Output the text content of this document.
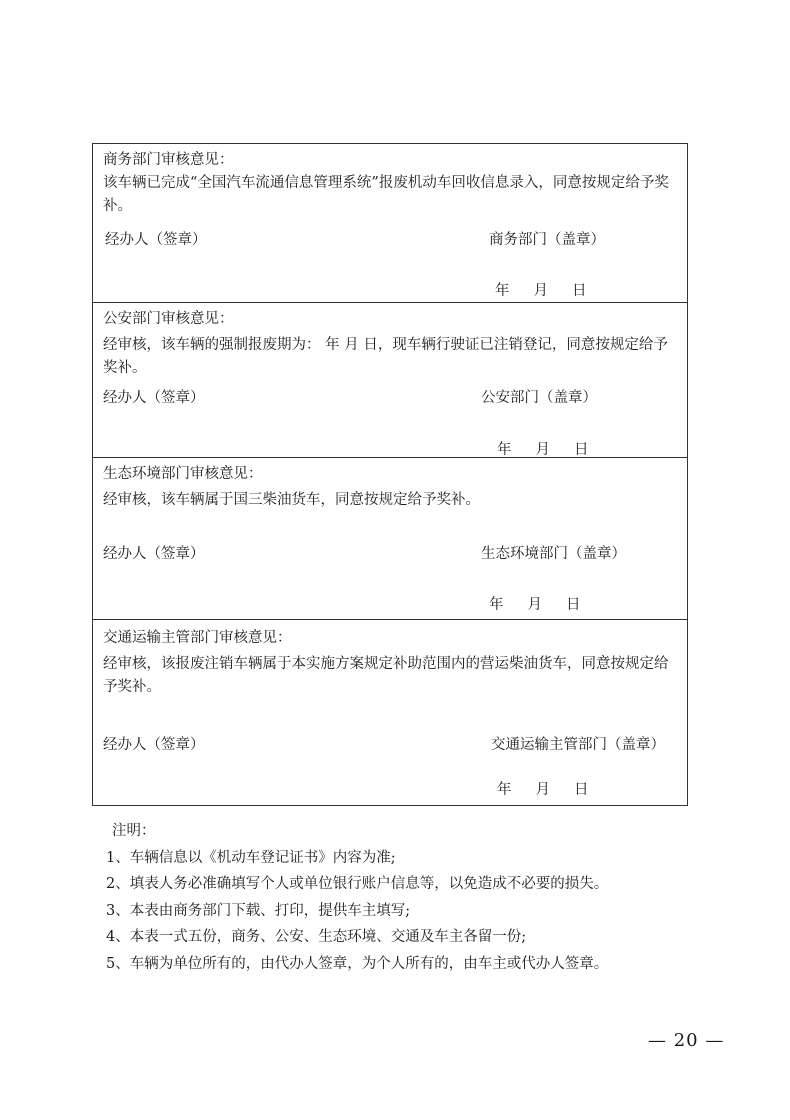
商务部门审核意见：
该车辆已完成“全国汽车流通信息管理系统”报废机动车回收信息录入，同意按规定给予奖补。
经办人（签章）	商务部门（盖章）
年 月 日
公安部门审核意见：
经审核，该车辆的强制报废期为： 年 月 日，现车辆行驶证已注销登记，同意按规定给予奖补。
经办人（签章）	公安部门（盖章）
年 月 日
生态环境部门审核意见：
经审核，该车辆属于国三柴油货车，同意按规定给予奖补。
经办人（签章）	生态环境部门（盖章）
年 月 日
交通运输主管部门审核意见：
经审核，该报废注销车辆属于本实施方案规定补助范围内的营运柴油货车，同意按规定给予奖补。
经办人（签章）	交通运输主管部门（盖章）
年 月 日
注明：
1、车辆信息以《机动车登记证书》内容为准;
2、填表人务必准确填写个人或单位银行账户信息等，以免造成不必要的损失。
3、本表由商务部门下载、打印，提供车主填写;
4、本表一式五份，商务、公安、生态环境、交通及车主各留一份;
5、车辆为单位所有的，由代办人签章，为个人所有的，由车主或代办人签章。
— 20 —
